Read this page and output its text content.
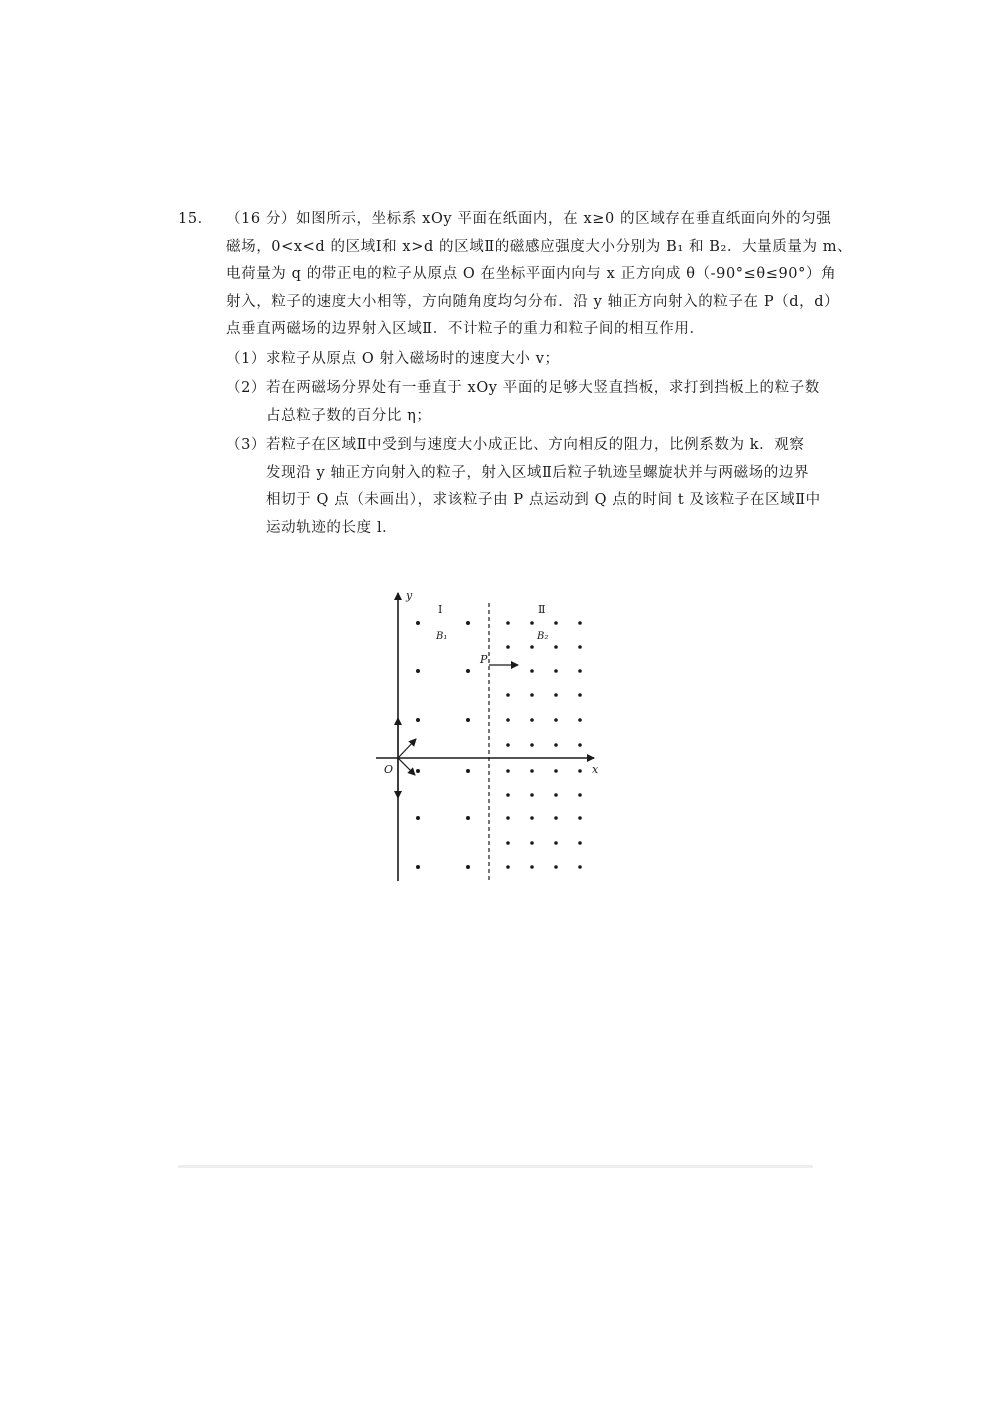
15． （16 分）如图所示，坐标系 xOy 平面在纸面内，在 x≥0 的区域存在垂直纸面向外的匀强
磁场，0<x<d 的区域Ⅰ和 x>d 的区域Ⅱ的磁感应强度大小分别为 B₁ 和 B₂．大量质量为 m、
电荷量为 q 的带正电的粒子从原点 O 在坐标平面内向与 x 正方向成 θ（-90°≤θ≤90°）角
射入，粒子的速度大小相等，方向随角度均匀分布．沿 y 轴正方向射入的粒子在 P（d，d）
点垂直两磁场的边界射入区域Ⅱ．不计粒子的重力和粒子间的相互作用．
（1） 求粒子从原点 O 射入磁场时的速度大小 v；
（2） 若在两磁场分界处有一垂直于 xOy 平面的足够大竖直挡板，求打到挡板上的粒子数
占总粒子数的百分比 η；
（3） 若粒子在区域Ⅱ中受到与速度大小成正比、方向相反的阻力，比例系数为 k．观察
发现沿 y 轴正方向射入的粒子，射入区域Ⅱ后粒子轨迹呈螺旋状并与两磁场的边界
相切于 Q 点（未画出），求该粒子由 P 点运动到 Q 点的时间 t 及该粒子在区域Ⅱ中
运动轨迹的长度 l．
y
x
O
Ⅰ	Ⅱ
B₁	B₂
P
